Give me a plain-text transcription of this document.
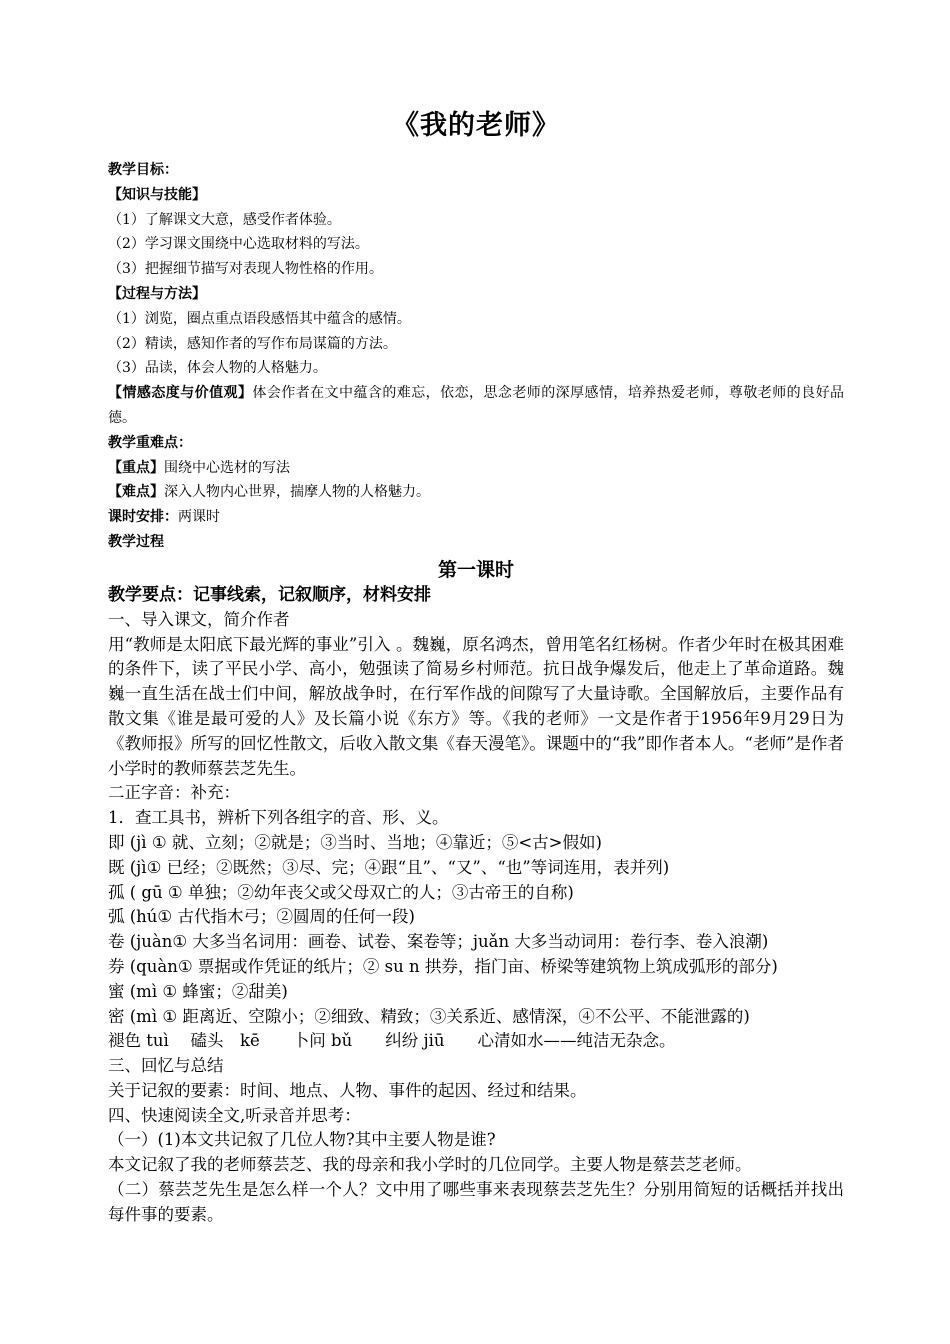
《我的老师》
教学目标：
【知识与技能】
（1）了解课文大意，感受作者体验。
（2）学习课文围绕中心选取材料的写法。
（3）把握细节描写对表现人物性格的作用。
【过程与方法】
（1）浏览，圈点重点语段感悟其中蕴含的感情。
（2）精读，感知作者的写作布局谋篇的方法。
（3）品读，体会人物的人格魅力。
【情感态度与价值观】体会作者在文中蕴含的难忘，依恋，思念老师的深厚感情，培养热爱老师，尊敬老师的良好品德。
教学重难点：
【重点】围绕中心选材的写法
【难点】深入人物内心世界，揣摩人物的人格魅力。
课时安排：两课时
教学过程
第一课时
教学要点：记事线索，记叙顺序，材料安排
一、导入课文，简介作者
用“教师是太阳底下最光辉的事业”引入 。魏巍，原名鸿杰，曾用笔名红杨树。作者少年时在极其困难的条件下，读了平民小学、高小，勉强读了简易乡村师范。抗日战争爆发后，他走上了革命道路。魏巍一直生活在战士们中间，解放战争时，在行军作战的间隙写了大量诗歌。全国解放后，主要作品有散文集《谁是最可爱的人》及长篇小说《东方》等。《我的老师》一文是作者于1956年9月29日为《教师报》所写的回忆性散文，后收入散文集《春天漫笔》。课题中的“我”即作者本人。“老师”是作者小学时的教师蔡芸芝先生。
二正字音：补充：
1．查工具书，辨析下列各组字的音、形、义。
即 (jì ① 就、立刻；②就是；③当时、当地；④靠近；⑤<古>假如)
既 (jì① 已经；②既然；③尽、完；④跟“且”、“又”、“也”等词连用，表并列)
孤 ( gū ① 单独；②幼年丧父或父母双亡的人；③古帝王的自称)
弧 (hú① 古代指木弓；②圆周的任何一段)
卷 (juàn① 大多当名词用：画卷、试卷、案卷等；juǎn 大多当动词用：卷行李、卷入浪潮)
券 (quàn① 票据或作凭证的纸片；② su n 拱券，指门亩、桥梁等建筑物上筑成弧形的部分)
蜜 (mì ① 蜂蜜；②甜美)
密 (mì ① 距离近、空隙小；②细致、精致；③关系近、感情深，④不公平、不能泄露的)
褪色 tuì　 磕头　kē　　卜问 bǔ　　纠纷 jiū　　心清如水——纯洁无杂念。
三、回忆与总结
关于记叙的要素：时间、地点、人物、事件的起因、经过和结果。
四、快速阅读全文,听录音并思考：
（一）(1)本文共记叙了几位人物?其中主要人物是谁?
本文记叙了我的老师蔡芸芝、我的母亲和我小学时的几位同学。主要人物是蔡芸芝老师。
（二）蔡芸芝先生是怎么样一个人？文中用了哪些事来表现蔡芸芝先生？分别用简短的话概括并找出每件事的要素。
